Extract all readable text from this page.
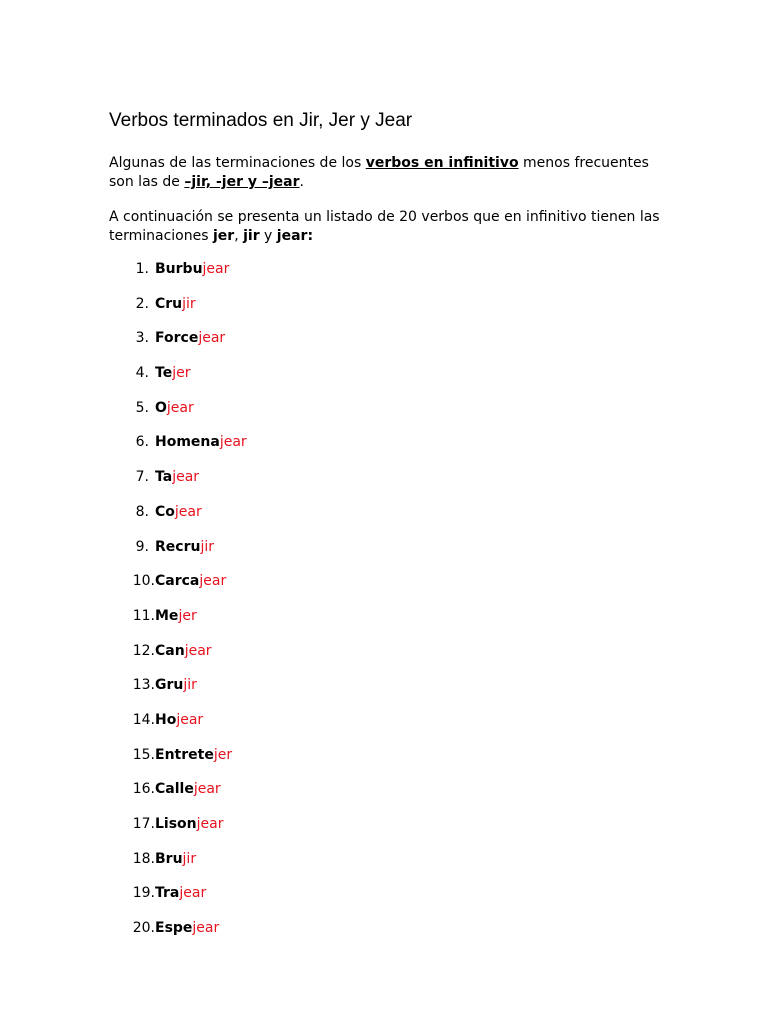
Verbos terminados en Jir, Jer y Jear

Algunas de las terminaciones de los verbos en infinitivo menos frecuentes
son las de –jir, -jer y –jear.

A continuación se presenta un listado de 20 verbos que en infinitivo tienen las
terminaciones jer, jir y jear:

1. Burbujear
2. Crujir
3. Forcejear
4. Tejer
5. Ojear
6. Homenajear
7. Tajear
8. Cojear
9. Recrujir
10. Carcajear
11. Mejer
12. Canjear
13. Grujir
14. Hojear
15. Entretejer
16. Callejear
17. Lisonjear
18. Brujir
19. Trajear
20. Espejear
